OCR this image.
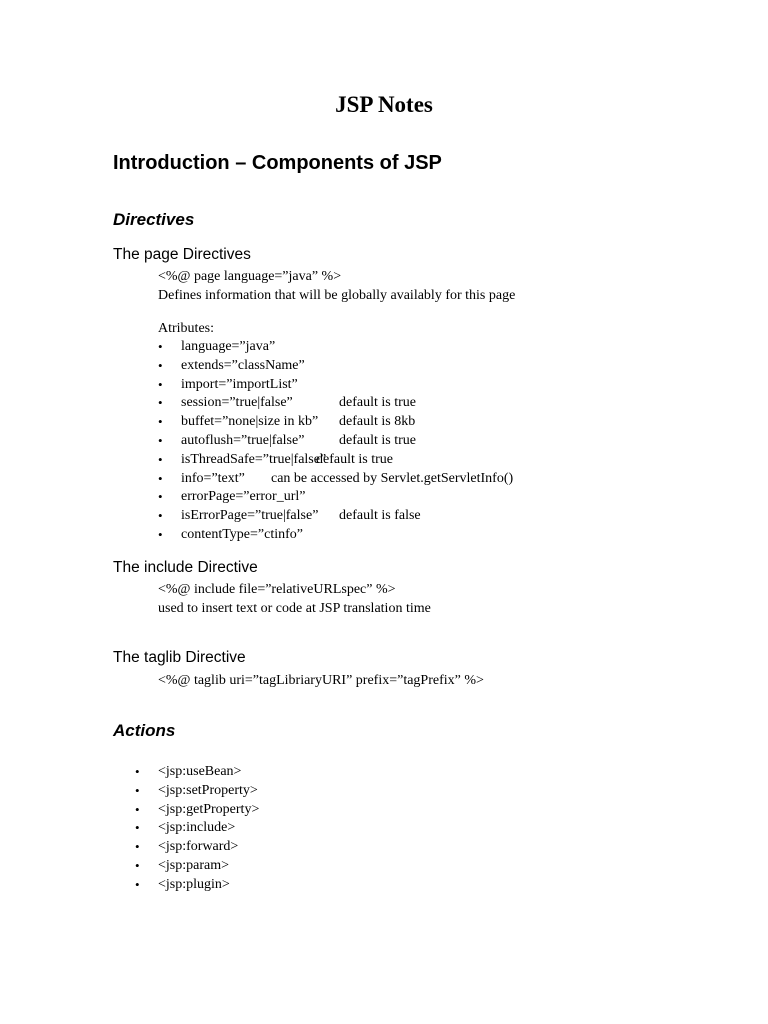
JSP Notes
Introduction – Components of JSP
Directives
The page Directives
<%@ page language=”java” %>
Defines information that will be globally availably for this page
Atributes:
• language=”java”
• extends=”className”
• import=”importList”
• session=”true|false”	default is true
• buffet=”none|size in kb” default is 8kb
• autoflush=”true|false” default is true
• isThreadSafe=”true|false”
default is true
• info=”text” can be accessed by Servlet.getServletInfo()
• errorPage=”error_url”
• isErrorPage=”true|false” default is false
• contentType=”ctinfo”
The include Directive
<%@ include file=”relativeURLspec” %>
used to insert text or code at JSP translation time
The taglib Directive
<%@ taglib uri=”tagLibriaryURI” prefix=”tagPrefix” %>
Actions
• <jsp:useBean>
• <jsp:setProperty>
• <jsp:getProperty>
• <jsp:include>
• <jsp:forward>
• <jsp:param>
• <jsp:plugin>
